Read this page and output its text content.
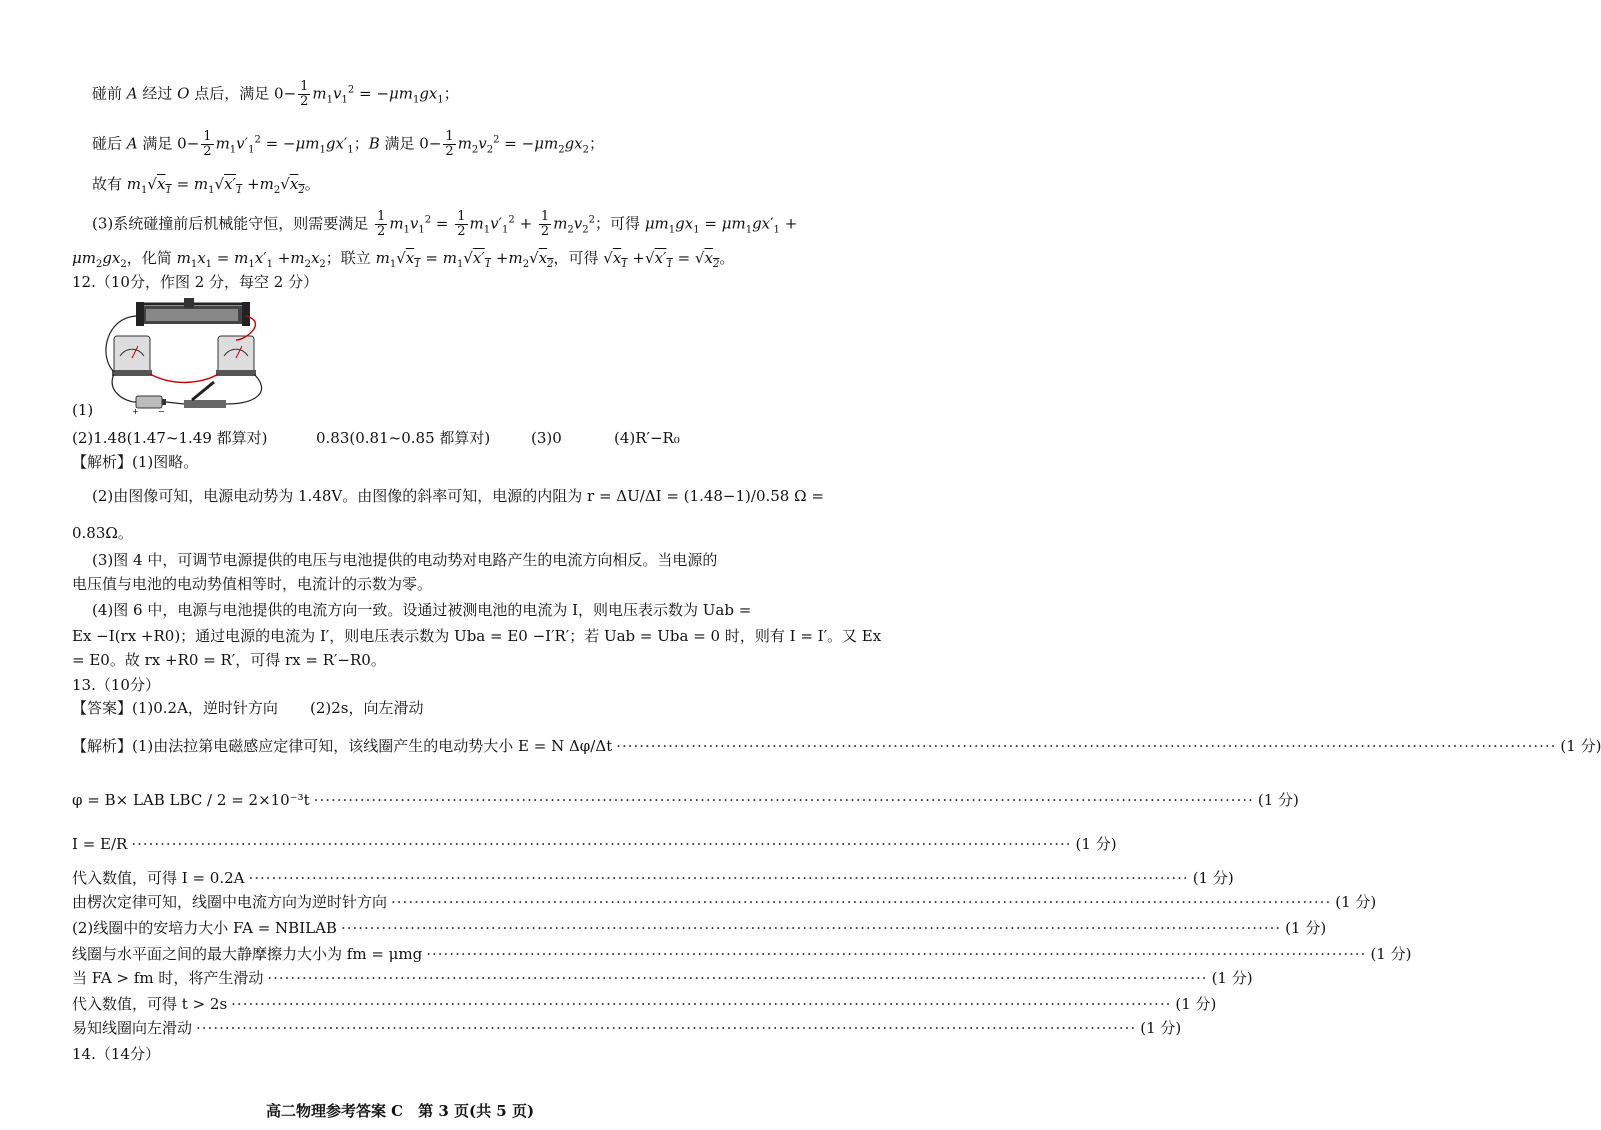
碰前 A 经过 O 点后，满足 $0- \frac{1}{2} m_1v_1^2 = -\mu m_1gx_1$；
碰后 A 满足 $0- \frac{1}{2} m_1v'_1^2 = -\mu m_1gx'_1$；B 满足 $0- \frac{1}{2} m_2v_2^2 = -\mu m_2gx_2$；
故有 $m_1√x_1 = m_1√x'_1 +m_2√x_2$。
(3)系统碰撞前后机械能守恒，则需要满足 $\frac{1}{2} m_1v_1^2 = \frac{1}{2} m_1v'_1^2 + \frac{1}{2} m_2v_2^2$；可得 $\mu m_1gx_1 = \mu m_1gx'_1$ +
$\mu m_2gx_2$，化简 $m_1x_1 = m_1x'_1 +m_2x_2$；联立 $m_1√x_1 = m_1√x'_1 +m_2√x_2$，可得 $√x_1 +√x'_1 = √x_2$。
12.（10分，作图 2 分，每空 2 分）
+ −
(1)
(2)1.48(1.47~1.49 都算对)	0.83(0.81~0.85 都算对)	(3)0	(4)R′−R₀
【解析】(1)图略。
(2)由图像可知，电源电动势为 1.48V。由图像的斜率可知，电源的内阻为 r = ΔU/ΔI = (1.48−1)/0.58 Ω =
0.83Ω。
(3)图 4 中，可调节电源提供的电压与电池提供的电动势对电路产生的电流方向相反。当电源的
电压值与电池的电动势值相等时，电流计的示数为零。
(4)图 6 中，电源与电池提供的电流方向一致。设通过被测电池的电流为 I，则电压表示数为 Uab =
Ex −I(rx +R0)；通过电源的电流为 I′，则电压表示数为 Uba = E0 −I′R′；若 Uab = Uba = 0 时，则有 I = I′。又 Ex
= E0。故 rx +R0 = R′，可得 rx = R′−R0。
13.（10分）
【答案】(1)0.2A，逆时针方向 (2)2s，向左滑动
【解析】(1)由法拉第电磁感应定律可知，该线圈产生的电动势大小 E = N Δφ/Δt ·····	(1 分)
φ = B× LAB LBC / 2 = 2×10⁻³t ·····	(1 分)
I = E/R ·····	(1 分)
代入数值，可得 I = 0.2A ·····	(1 分)
由楞次定律可知，线圈中电流方向为逆时针方向 ·····	(1 分)
(2)线圈中的安培力大小 FA = NBILAB ·····	(1 分)
线圈与水平面之间的最大静摩擦力大小为 fm = μmg ·····	(1 分)
当 FA > fm 时，将产生滑动 ·····	(1 分)
代入数值，可得 t > 2s ·····	(1 分)
易知线圈向左滑动 ·····	(1 分)
14.（14分）
高二物理参考答案 C　第 3 页(共 5 页)
